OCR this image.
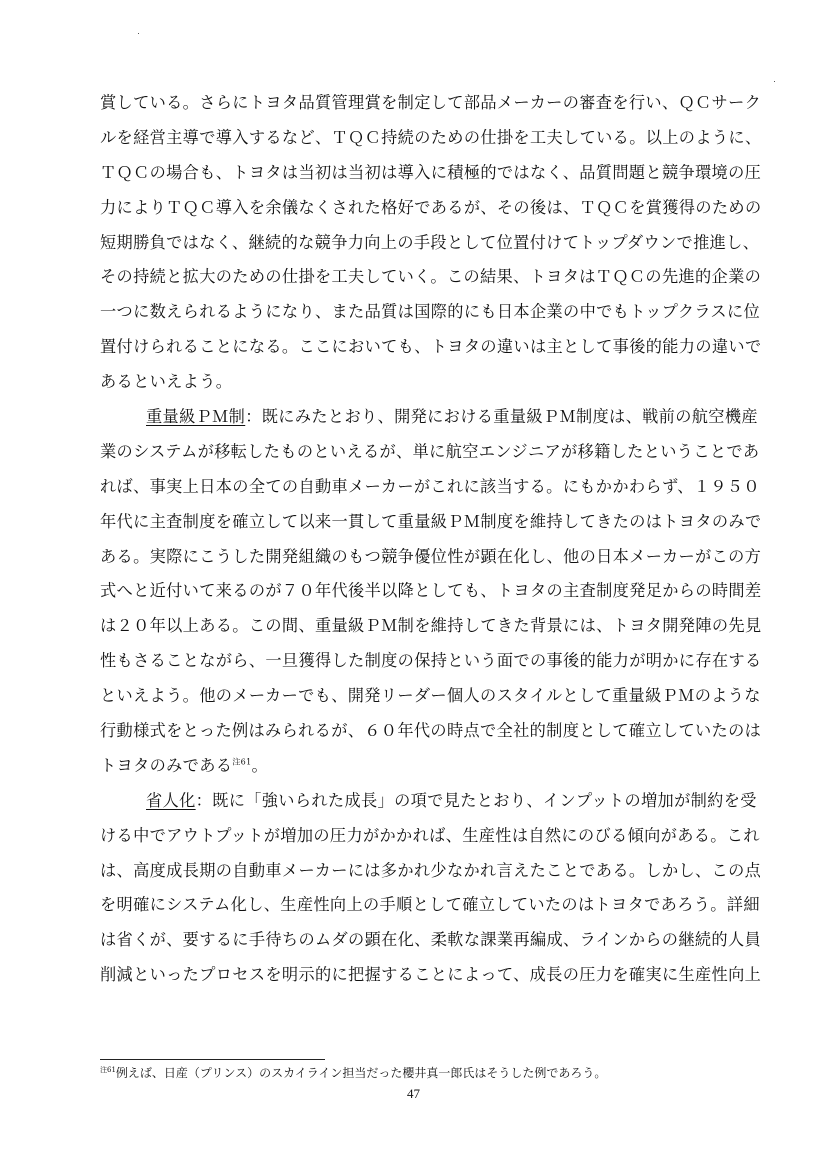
賞している。さらにトヨタ品質管理賞を制定して部品メーカーの審査を行い、ＱＣサーク
ルを経営主導で導入するなど、ＴＱＣ持続のための仕掛を工夫している。以上のように、
ＴＱＣの場合も、トヨタは当初は当初は導入に積極的ではなく、品質問題と競争環境の圧
力によりＴＱＣ導入を余儀なくされた格好であるが、その後は、ＴＱＣを賞獲得のための
短期勝負ではなく、継続的な競争力向上の手段として位置付けてトップダウンで推進し、
その持続と拡大のための仕掛を工夫していく。この結果、トヨタはＴＱＣの先進的企業の
一つに数えられるようになり、また品質は国際的にも日本企業の中でもトップクラスに位
置付けられることになる。ここにおいても、トヨタの違いは主として事後的能力の違いで
あるといえよう。
重量級ＰＭ制：既にみたとおり、開発における重量級ＰＭ制度は、戦前の航空機産
業のシステムが移転したものといえるが、単に航空エンジニアが移籍したということであ
れば、事実上日本の全ての自動車メーカーがこれに該当する。にもかかわらず、１９５０
年代に主査制度を確立して以来一貫して重量級ＰＭ制度を維持してきたのはトヨタのみで
ある。実際にこうした開発組織のもつ競争優位性が顕在化し、他の日本メーカーがこの方
式へと近付いて来るのが７０年代後半以降としても、トヨタの主査制度発足からの時間差
は２０年以上ある。この間、重量級ＰＭ制を維持してきた背景には、トヨタ開発陣の先見
性もさることながら、一旦獲得した制度の保持という面での事後的能力が明かに存在する
といえよう。他のメーカーでも、開発リーダー個人のスタイルとして重量級ＰＭのような
行動様式をとった例はみられるが、６０年代の時点で全社的制度として確立していたのは
トヨタのみである$^{注61}$。
省人化：既に「強いられた成長」の項で見たとおり、インプットの増加が制約を受
ける中でアウトプットが増加の圧力がかかれば、生産性は自然にのびる傾向がある。これ
は、高度成長期の自動車メーカーには多かれ少なかれ言えたことである。しかし、この点
を明確にシステム化し、生産性向上の手順として確立していたのはトヨタであろう。詳細
は省くが、要するに手待ちのムダの顕在化、柔軟な課業再編成、ラインからの継続的人員
削減といったプロセスを明示的に把握することによって、成長の圧力を確実に生産性向上
$^{注61}$例えば、日産（プリンス）のスカイライン担当だった櫻井真一郎氏はそうした例であろう。
47
